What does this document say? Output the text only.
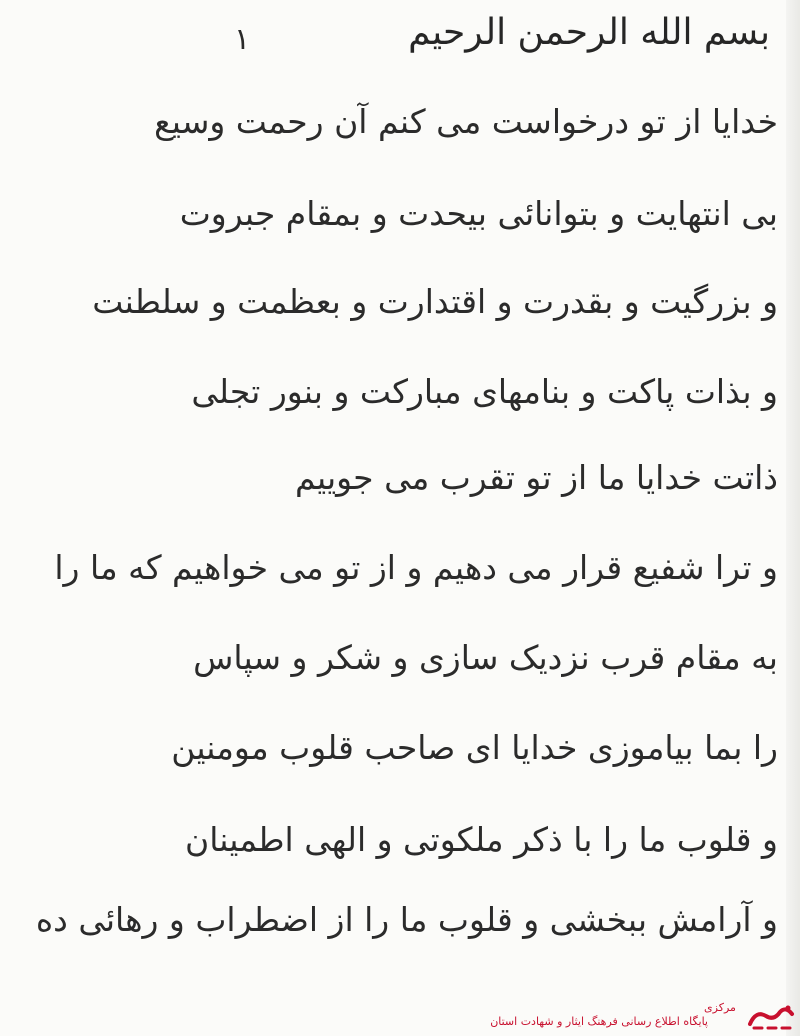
۱	بسم الله الرحمن الرحیم
خدایا از تو درخواست می کنم آن رحمت وسیع
بی انتهایت و بتوانائی بیحدت و بمقام جبروت
و بزرگیت و بقدرت و اقتدارت و بعظمت و سلطنت
و بذات پاکت و بنامهای مبارکت و بنور تجلی
ذاتت خدایا ما از تو تقرب می جوییم
و ترا شفیع قرار می دهیم و از تو می خواهیم که ما را
به مقام قرب نزدیک سازی و شکر و سپاس
را بما بیاموزی خدایا ای صاحب قلوب مومنین
و قلوب ما را با ذکر ملکوتی و الهی اطمینان
و آرامش ببخشی و قلوب ما را از اضطراب و رهائی ده
مرکزی
پایگاه اطلاع رسانی فرهنگ ایثار و شهادت استان
